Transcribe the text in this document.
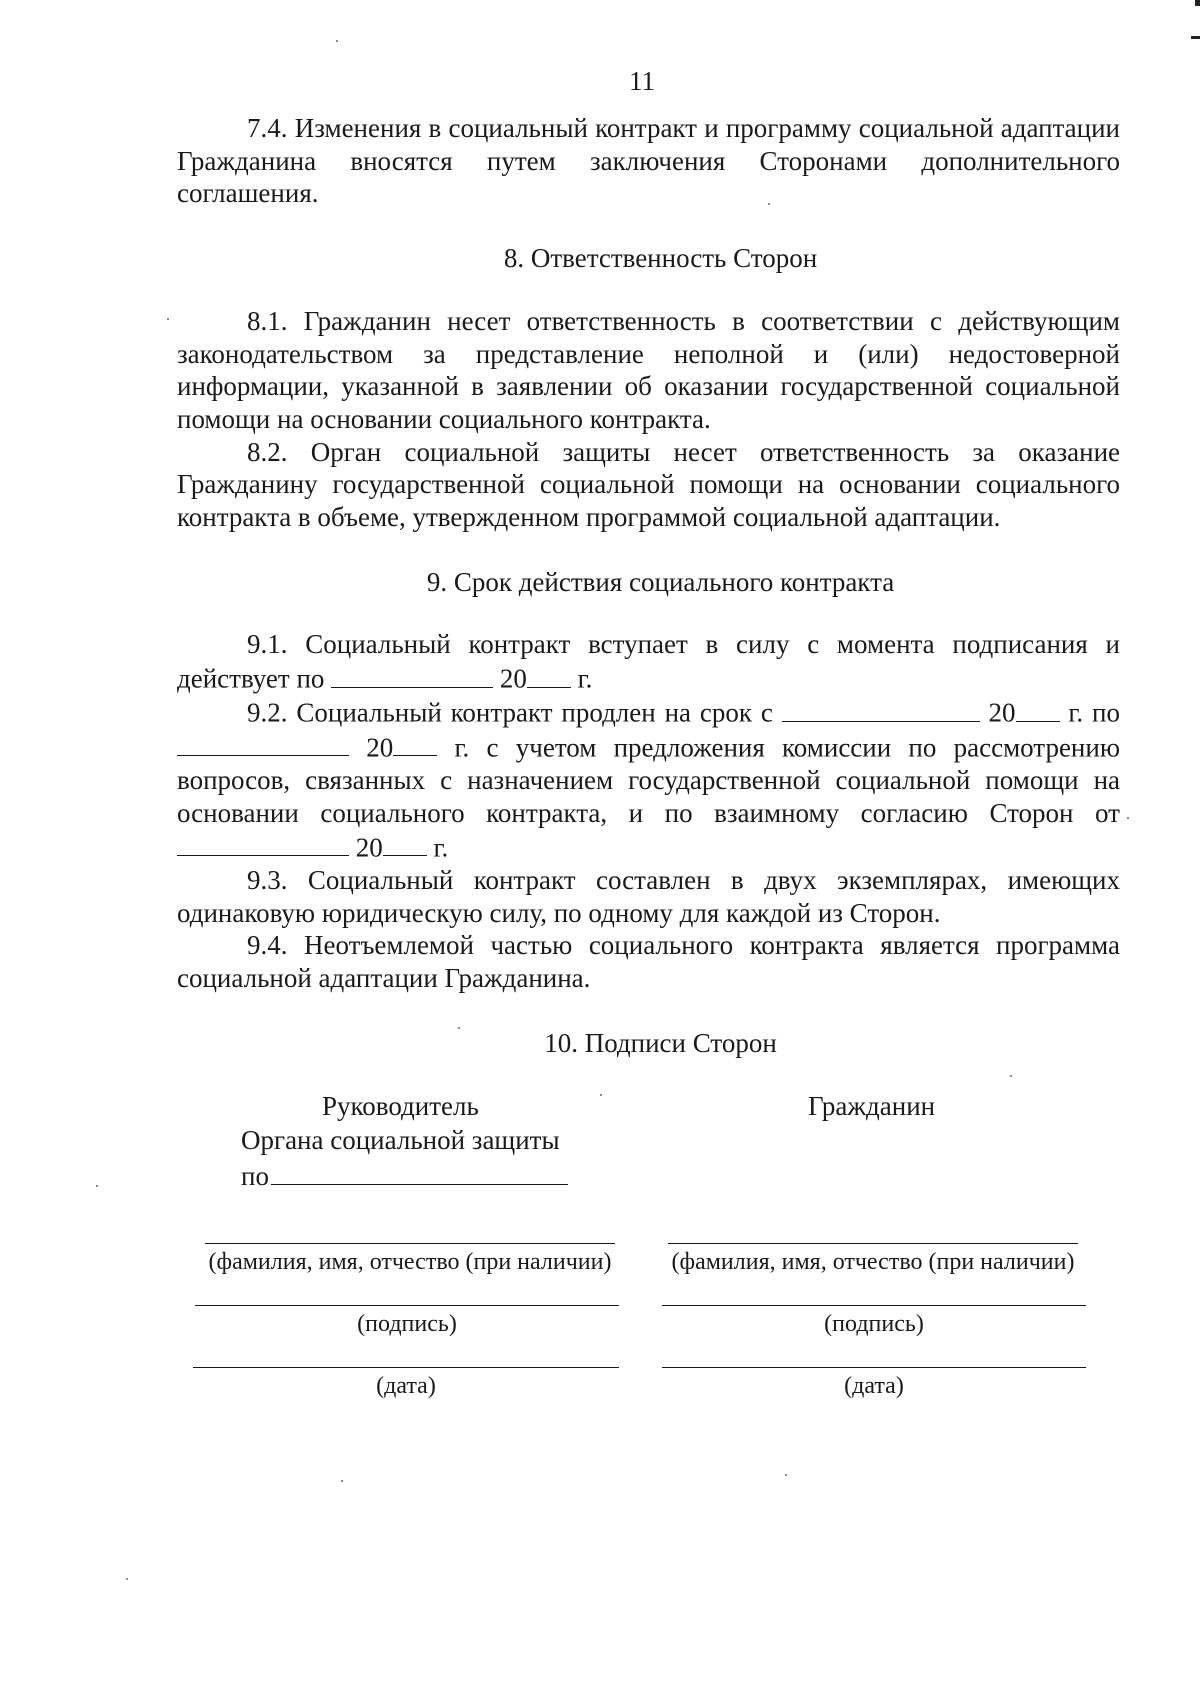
11

7.4. Изменения в социальный контракт и программу социальной адаптации Гражданина вносятся путем заключения Сторонами дополнительного соглашения.

8. Ответственность Сторон

8.1. Гражданин несет ответственность в соответствии с действующим законодательством за представление неполной и (или) недостоверной информации, указанной в заявлении об оказании государственной социальной помощи на основании социального контракта.

8.2. Орган социальной защиты несет ответственность за оказание Гражданину государственной социальной помощи на основании социального контракта в объеме, утвержденном программой социальной адаптации.

9. Срок действия социального контракта

9.1. Социальный контракт вступает в силу с момента подписания и действует по	20 г.

9.2. Социальный контракт продлен на срок с	20 г. по  20 г. с учетом предложения комиссии по рассмотрению вопросов, связанных с назначением государственной социальной помощи на основании социального контракта, и по взаимному согласию Сторон от  20 г.

9.3. Социальный контракт составлен в двух экземплярах, имеющих одинаковую юридическую силу, по одному для каждой из Сторон.

9.4. Неотъемлемой частью социального контракта является программа социальной адаптации Гражданина.

10. Подписи Сторон

Руководитель
Органа социальной защиты
по
Гражданин
(фамилия, имя, отчество (при наличии)
(подпись)
(дата)
(фамилия, имя, отчество (при наличии)
(подпись)
(дата)
